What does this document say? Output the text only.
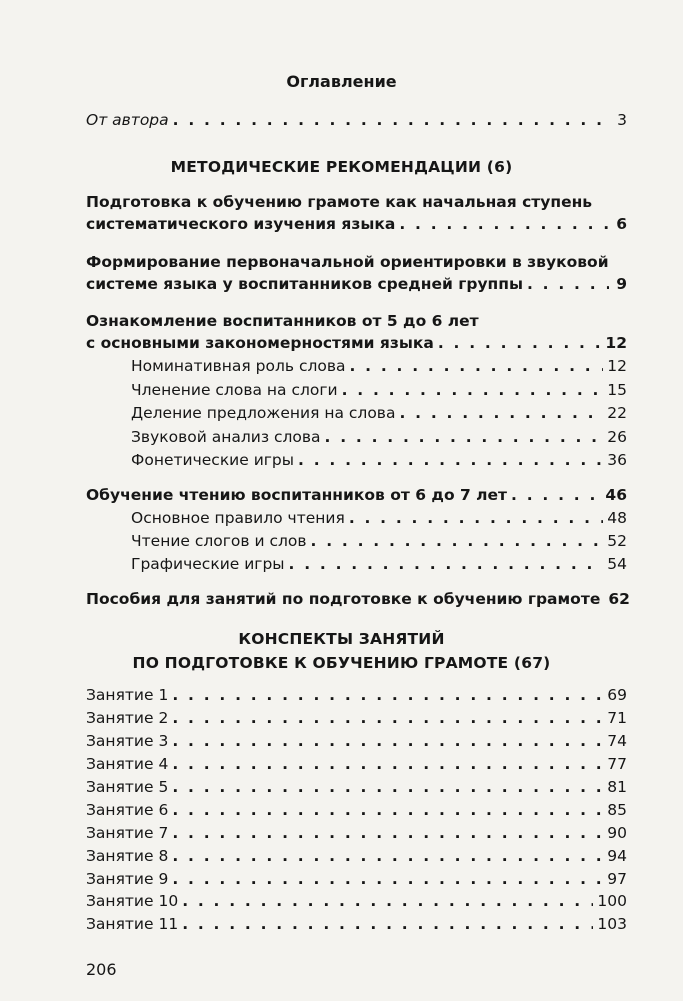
Оглавление
От автора . . .	3
МЕТОДИЧЕСКИЕ РЕКОМЕНДАЦИИ (6)
Подготовка к обучению грамоте как начальная ступень
систематического изучения языка . . .	6
Формирование первоначальной ориентировки в звуковой
системе языка у воспитанников средней группы . . .	9
Ознакомление воспитанников от 5 до 6 лет
с основными закономерностями языка . . .	12
Номинативная роль слова . . .	12
Членение слова на слоги . . .	15
Деление предложения на слова . . .	22
Звуковой анализ слова . . .	26
Фонетические игры . . .	36
Обучение чтению воспитанников от 6 до 7 лет . . .	46
Основное правило чтения . . .	48
Чтение слогов и слов . . .	52
Графические игры . . .	54
Пособия для занятий по подготовке к обучению грамоте 62
КОНСПЕКТЫ ЗАНЯТИЙ
ПО ПОДГОТОВКЕ К ОБУЧЕНИЮ ГРАМОТЕ (67)
Занятие 1 . . .	69
Занятие 2 . . .	71
Занятие 3 . . .	74
Занятие 4 . . .	77
Занятие 5 . . .	81
Занятие 6 . . .	85
Занятие 7 . . .	90
Занятие 8 . . .	94
Занятие 9 . . .	97
Занятие 10 . . .	100
Занятие 11 . . .	103
206
